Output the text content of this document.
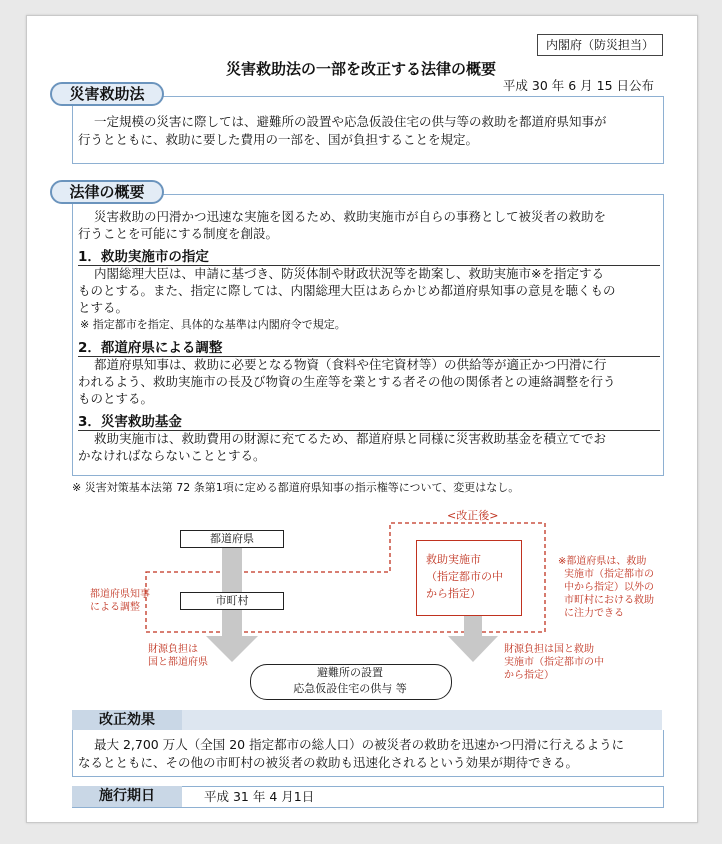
内閣府（防災担当）
災害救助法の一部を改正する法律の概要
平成 30 年 6 月 15 日公布
災害救助法
一定規模の災害に際しては、避難所の設置や応急仮設住宅の供与等の救助を都道府県知事が
行うとともに、救助に要した費用の一部を、国が負担することを規定。
法律の概要
災害救助の円滑かつ迅速な実施を図るため、救助実施市が自らの事務として被災者の救助を
行うことを可能にする制度を創設。
1．救助実施市の指定
内閣総理大臣は、申請に基づき、防災体制や財政状況等を勘案し、救助実施市※を指定する
ものとする。また、指定に際しては、内閣総理大臣はあらかじめ都道府県知事の意見を聴くもの
とする。
※ 指定都市を指定、具体的な基準は内閣府令で規定。
2．都道府県による調整
都道府県知事は、救助に必要となる物資（食料や住宅資材等）の供給等が適正かつ円滑に行
われるよう、救助実施市の長及び物資の生産等を業とする者その他の関係者との連絡調整を行う
ものとする。
3．災害救助基金
救助実施市は、救助費用の財源に充てるため、都道府県と同様に災害救助基金を積立てでお
かなければならないこととする。
※ 災害対策基本法第 72 条第1項に定める都道府県知事の指示権等について、変更はなし。
<改正後>
都道府県
市町村
救助実施市
（指定都市の中
から指定）
都道府県知事
による調整
財源負担は
国と都道府県
財源負担は国と救助
実施市（指定都市の中
から指定）
※都道府県は、救助
実施市（指定都市の
中から指定）以外の
市町村における救助
に注力できる
避難所の設置
応急仮設住宅の供与 等
改正効果
最大 2,700 万人（全国 20 指定都市の総人口）の被災者の救助を迅速かつ円滑に行えるように
なるとともに、その他の市町村の被災者の救助も迅速化されるという効果が期待できる。
施行期日	平成 31 年 4 月1日
